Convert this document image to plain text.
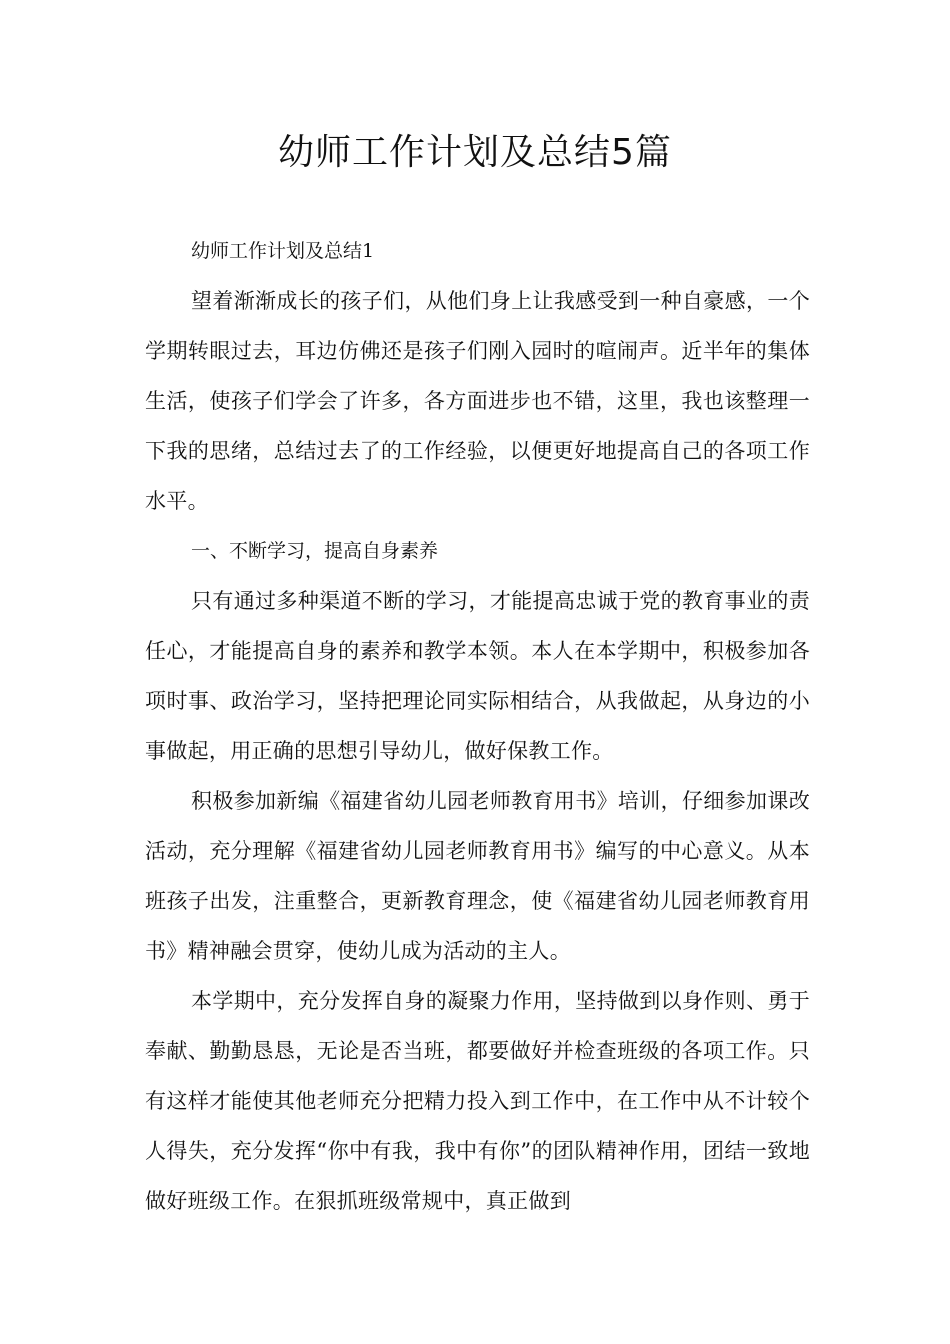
幼师工作计划及总结5篇

幼师工作计划及总结1

望着渐渐成长的孩子们，从他们身上让我感受到一种自豪感，一个学期转眼过去，耳边仿佛还是孩子们刚入园时的喧闹声。近半年的集体生活，使孩子们学会了许多，各方面进步也不错，这里，我也该整理一下我的思绪，总结过去了的工作经验，以便更好地提高自己的各项工作水平。

一、不断学习，提高自身素养

只有通过多种渠道不断的学习，才能提高忠诚于党的教育事业的责任心，才能提高自身的素养和教学本领。本人在本学期中，积极参加各项时事、政治学习，坚持把理论同实际相结合，从我做起，从身边的小事做起，用正确的思想引导幼儿，做好保教工作。

积极参加新编《福建省幼儿园老师教育用书》培训，仔细参加课改活动，充分理解《福建省幼儿园老师教育用书》编写的中心意义。从本班孩子出发，注重整合，更新教育理念，使《福建省幼儿园老师教育用书》精神融会贯穿，使幼儿成为活动的主人。

本学期中，充分发挥自身的凝聚力作用，坚持做到以身作则、勇于奉献、勤勤恳恳，无论是否当班，都要做好并检查班级的各项工作。只有这样才能使其他老师充分把精力投入到工作中，在工作中从不计较个人得失，充分发挥“你中有我，我中有你”的团队精神作用，团结一致地做好班级工作。在狠抓班级常规中，真正做到
